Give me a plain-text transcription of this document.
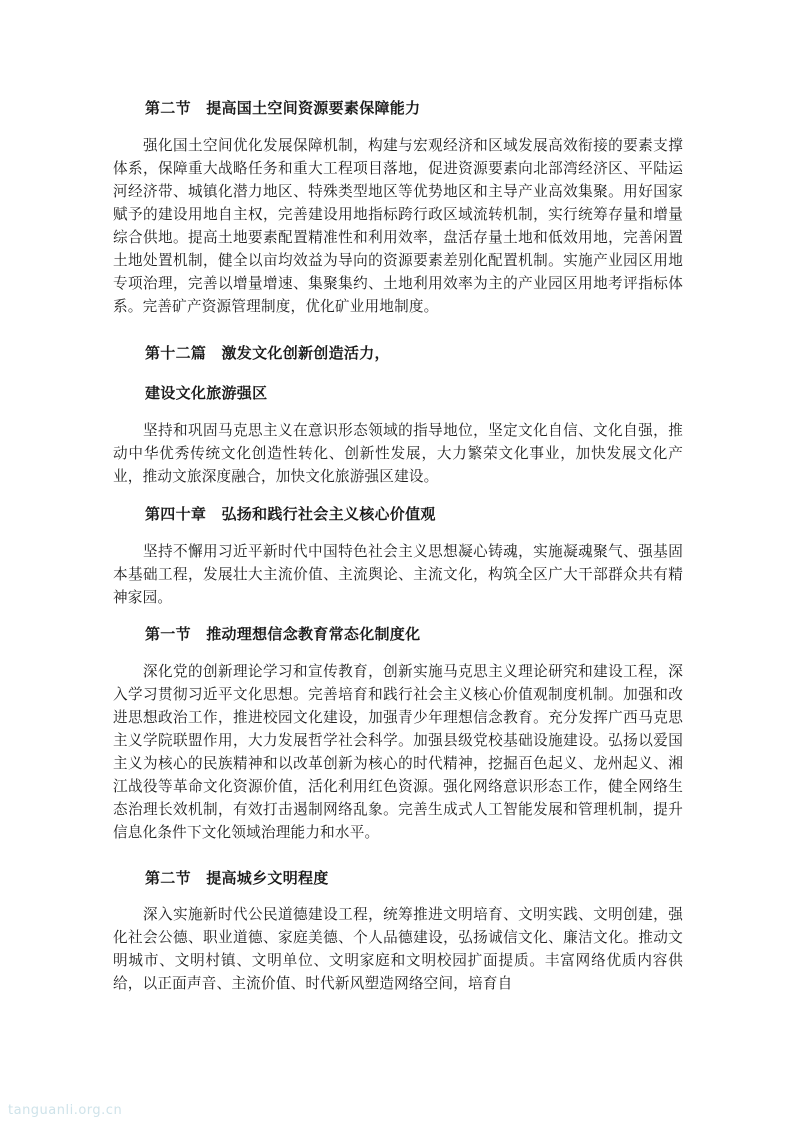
第二节　提高国土空间资源要素保障能力

强化国土空间优化发展保障机制，构建与宏观经济和区域发展高效衔接的要素支撑体系，保障重大战略任务和重大工程项目落地，促进资源要素向北部湾经济区、平陆运河经济带、城镇化潜力地区、特殊类型地区等优势地区和主导产业高效集聚。用好国家赋予的建设用地自主权，完善建设用地指标跨行政区域流转机制，实行统筹存量和增量综合供地。提高土地要素配置精准性和利用效率，盘活存量土地和低效用地，完善闲置土地处置机制，健全以亩均效益为导向的资源要素差别化配置机制。实施产业园区用地专项治理，完善以增量增速、集聚集约、土地利用效率为主的产业园区用地考评指标体系。完善矿产资源管理制度，优化矿业用地制度。

第十二篇　激发文化创新创造活力，
建设文化旅游强区

坚持和巩固马克思主义在意识形态领域的指导地位，坚定文化自信、文化自强，推动中华优秀传统文化创造性转化、创新性发展，大力繁荣文化事业，加快发展文化产业，推动文旅深度融合，加快文化旅游强区建设。

第四十章　弘扬和践行社会主义核心价值观

坚持不懈用习近平新时代中国特色社会主义思想凝心铸魂，实施凝魂聚气、强基固本基础工程，发展壮大主流价值、主流舆论、主流文化，构筑全区广大干部群众共有精神家园。

第一节　推动理想信念教育常态化制度化

深化党的创新理论学习和宣传教育，创新实施马克思主义理论研究和建设工程，深入学习贯彻习近平文化思想。完善培育和践行社会主义核心价值观制度机制。加强和改进思想政治工作，推进校园文化建设，加强青少年理想信念教育。充分发挥广西马克思主义学院联盟作用，大力发展哲学社会科学。加强县级党校基础设施建设。弘扬以爱国主义为核心的民族精神和以改革创新为核心的时代精神，挖掘百色起义、龙州起义、湘江战役等革命文化资源价值，活化利用红色资源。强化网络意识形态工作，健全网络生态治理长效机制，有效打击遏制网络乱象。完善生成式人工智能发展和管理机制，提升信息化条件下文化领域治理能力和水平。

第二节　提高城乡文明程度

深入实施新时代公民道德建设工程，统筹推进文明培育、文明实践、文明创建，强化社会公德、职业道德、家庭美德、个人品德建设，弘扬诚信文化、廉洁文化。推动文明城市、文明村镇、文明单位、文明家庭和文明校园扩面提质。丰富网络优质内容供给，以正面声音、主流价值、时代新风塑造网络空间，培育自

tanguanli.org.cn
